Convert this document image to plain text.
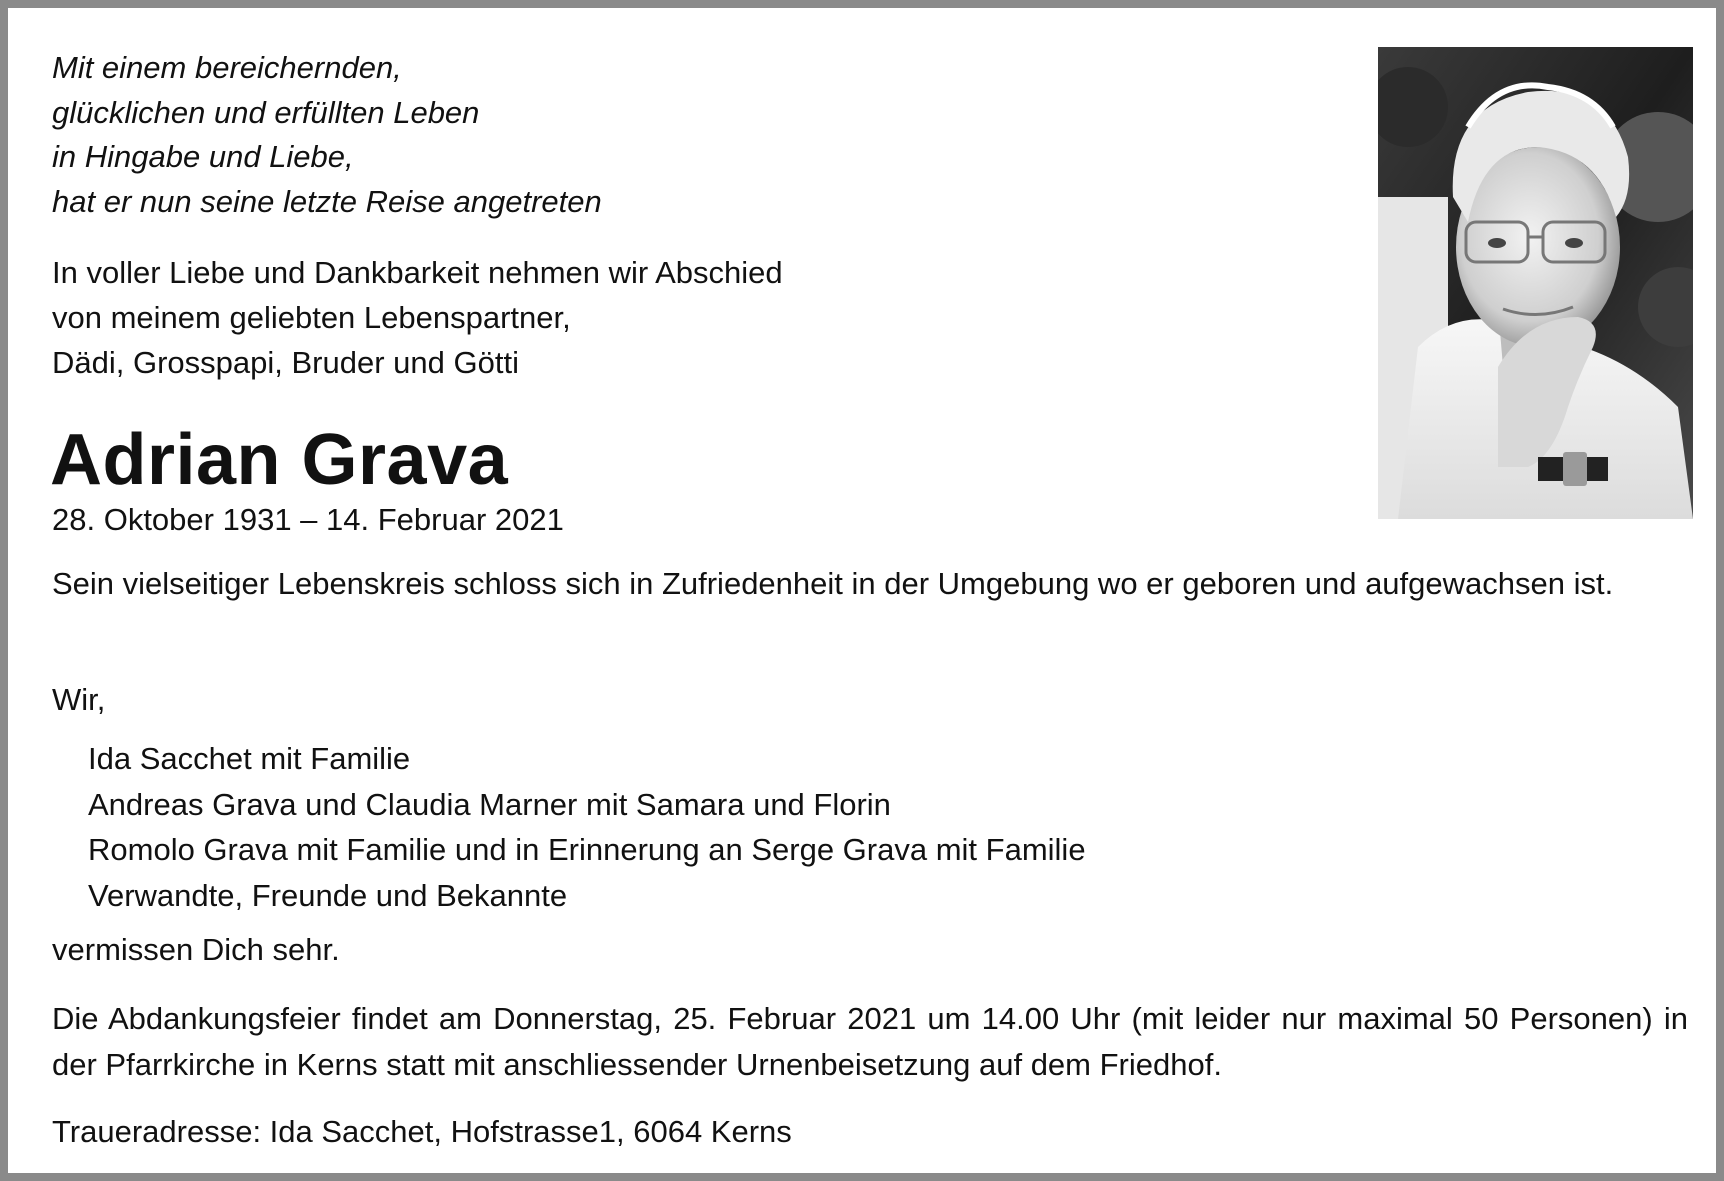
Mit einem bereichernden,
glücklichen und erfüllten Leben
in Hingabe und Liebe,
hat er nun seine letzte Reise angetreten
In voller Liebe und Dankbarkeit nehmen wir Abschied
von meinem geliebten Lebenspartner,
Dädi, Grosspapi, Bruder und Götti
Adrian Grava
28. Oktober 1931 – 14. Februar 2021
Sein vielseitiger Lebenskreis schloss sich in Zufriedenheit in der Umgebung wo er geboren und aufgewachsen ist.
Wir,
Ida Sacchet mit Familie
Andreas Grava und Claudia Marner mit Samara und Florin
Romolo Grava mit Familie und in Erinnerung an Serge Grava mit Familie
Verwandte, Freunde und Bekannte
vermissen Dich sehr.
Die Abdankungsfeier findet am Donnerstag, 25. Februar 2021 um 14.00 Uhr (mit leider nur maximal 50 Personen) in der Pfarrkirche in Kerns statt mit anschliessender Urnenbeisetzung auf dem Friedhof.
Traueradresse: Ida Sacchet, Hofstrasse1, 6064 Kerns
